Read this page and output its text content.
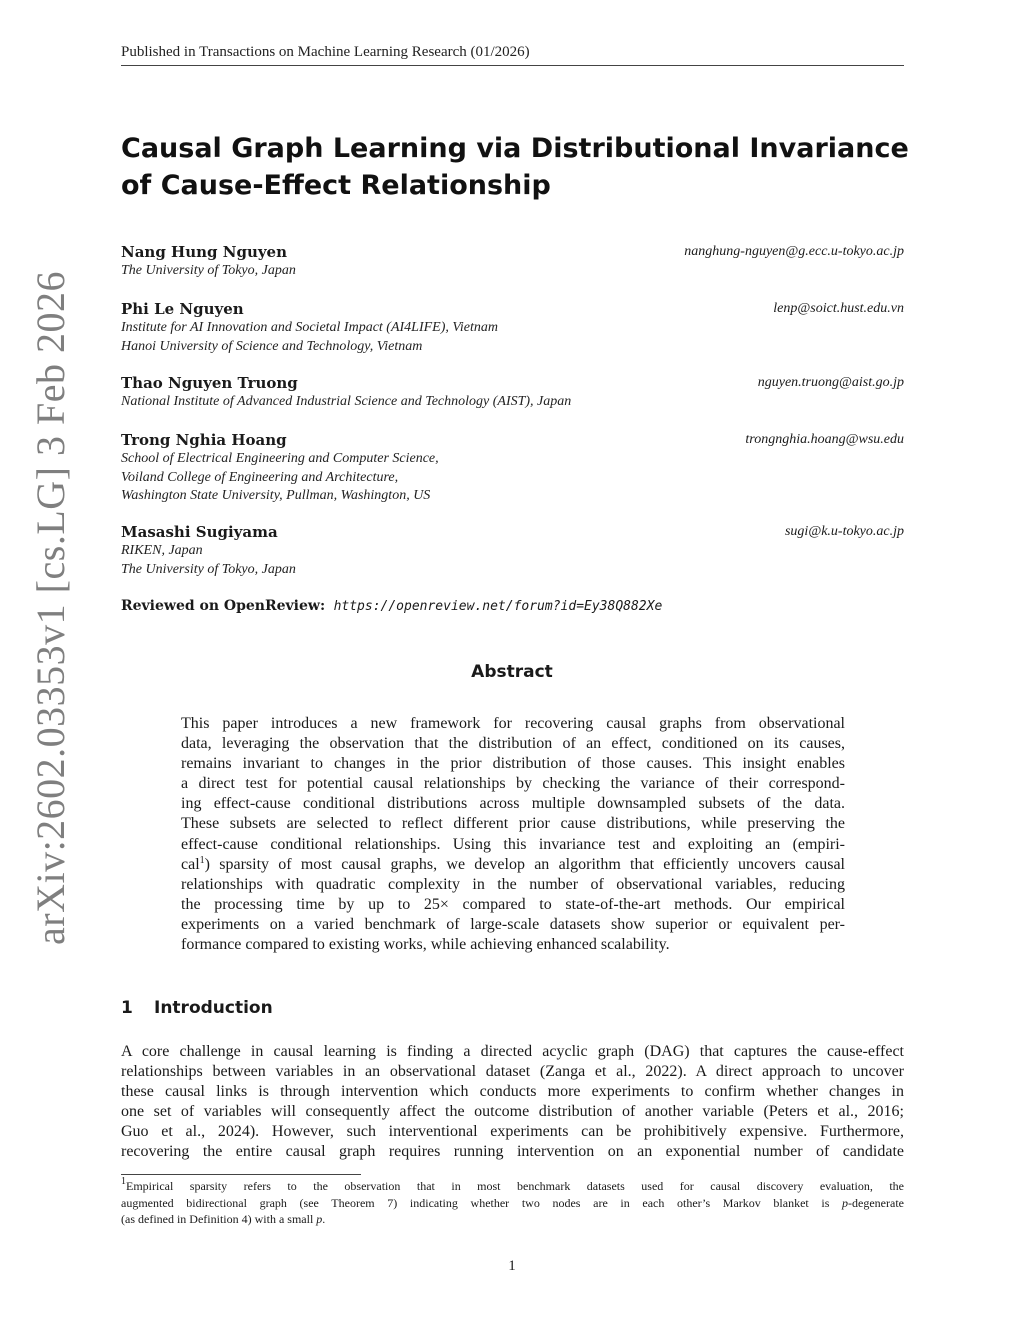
Published in Transactions on Machine Learning Research (01/2026)
arXiv:2602.03353v1 [cs.LG] 3 Feb 2026
Causal Graph Learning via Distributional Invariance
of Cause-Effect Relationship
Nang Hung Nguyen	nanghung-nguyen@g.ecc.u-tokyo.ac.jp
The University of Tokyo, Japan
Phi Le Nguyen	lenp@soict.hust.edu.vn
Institute for AI Innovation and Societal Impact (AI4LIFE), Vietnam
Hanoi University of Science and Technology, Vietnam
Thao Nguyen Truong	nguyen.truong@aist.go.jp
National Institute of Advanced Industrial Science and Technology (AIST), Japan
Trong Nghia Hoang	trongnghia.hoang@wsu.edu
School of Electrical Engineering and Computer Science,
Voiland College of Engineering and Architecture,
Washington State University, Pullman, Washington, US
Masashi Sugiyama	sugi@k.u-tokyo.ac.jp
RIKEN, Japan
The University of Tokyo, Japan
Reviewed on OpenReview: https://openreview.net/forum?id=Ey38Q882Xe
Abstract
This paper introduces a new framework for recovering causal graphs from observational
data, leveraging the observation that the distribution of an effect, conditioned on its causes,
remains invariant to changes in the prior distribution of those causes. This insight enables
a direct test for potential causal relationships by checking the variance of their correspond-
ing effect-cause conditional distributions across multiple downsampled subsets of the data.
These subsets are selected to reflect different prior cause distributions, while preserving the
effect-cause conditional relationships. Using this invariance test and exploiting an (empiri-
cal$^1$) sparsity of most causal graphs, we develop an algorithm that efficiently uncovers causal
relationships with quadratic complexity in the number of observational variables, reducing
the processing time by up to 25× compared to state-of-the-art methods. Our empirical
experiments on a varied benchmark of large-scale datasets show superior or equivalent per-
formance compared to existing works, while achieving enhanced scalability.
1 Introduction
A core challenge in causal learning is finding a directed acyclic graph (DAG) that captures the cause-effect
relationships between variables in an observational dataset (Zanga et al., 2022). A direct approach to uncover
these causal links is through intervention which conducts more experiments to confirm whether changes in
one set of variables will consequently affect the outcome distribution of another variable (Peters et al., 2016;
Guo et al., 2024). However, such interventional experiments can be prohibitively expensive. Furthermore,
recovering the entire causal graph requires running intervention on an exponential number of candidate
$^1$Empirical sparsity refers to the observation that in most benchmark datasets used for causal discovery evaluation, the
augmented bidirectional graph (see Theorem 7) indicating whether two nodes are in each other’s Markov blanket is p-degenerate
(as defined in Definition 4) with a small p.
1
